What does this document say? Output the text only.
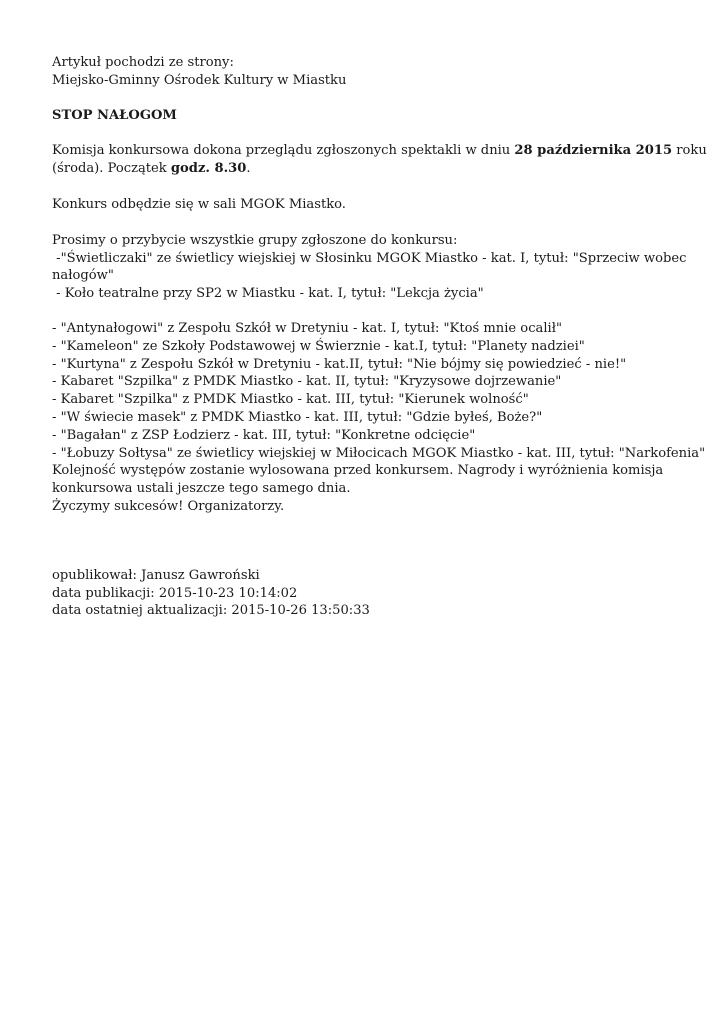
Artykuł pochodzi ze strony:
Miejsko-Gminny Ośrodek Kultury w Miastku
STOP NAŁOGOM
Komisja konkursowa dokona przeglądu zgłoszonych spektakli w dniu 28 października 2015 roku
(środa). Początek godz. 8.30.
Konkurs odbędzie się w sali MGOK Miastko.
Prosimy o przybycie wszystkie grupy zgłoszone do konkursu:
-"Świetliczaki" ze świetlicy wiejskiej w Słosinku MGOK Miastko - kat. I, tytuł: "Sprzeciw wobec
nałogów"
- Koło teatralne przy SP2 w Miastku - kat. I, tytuł: "Lekcja życia"
- "Antynałogowi" z Zespołu Szkół w Dretyniu - kat. I, tytuł: "Ktoś mnie ocalił"
- "Kameleon" ze Szkoły Podstawowej w Świerznie - kat.I, tytuł: "Planety nadziei"
- "Kurtyna" z Zespołu Szkół w Dretyniu - kat.II, tytuł: "Nie bójmy się powiedzieć - nie!"
- Kabaret "Szpilka" z PMDK Miastko - kat. II, tytuł: "Kryzysowe dojrzewanie"
- Kabaret "Szpilka" z PMDK Miastko - kat. III, tytuł: "Kierunek wolność"
- "W świecie masek" z PMDK Miastko - kat. III, tytuł: "Gdzie byłeś, Boże?"
- "Bagałan" z ZSP Łodzierz - kat. III, tytuł: "Konkretne odcięcie"
- "Łobuzy Sołtysa" ze świetlicy wiejskiej w Miłocicach MGOK Miastko - kat. III, tytuł: "Narkofenia"
Kolejność występów zostanie wylosowana przed konkursem. Nagrody i wyróżnienia komisja
konkursowa ustali jeszcze tego samego dnia.
Życzymy sukcesów! Organizatorzy.
opublikował: Janusz Gawroński
data publikacji: 2015-10-23 10:14:02
data ostatniej aktualizacji: 2015-10-26 13:50:33
